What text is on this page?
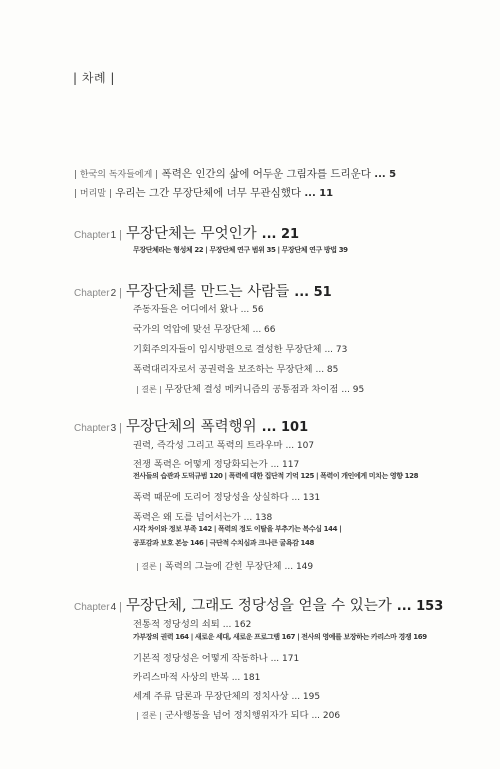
| 차례 |
| 한국의 독자들에게 | 폭력은 인간의 삶에 어두운 그림자를 드리운다 ... 5
| 머리말 | 우리는 그간 무장단체에 너무 무관심했다 ... 11
Chapter 1 | 무장단체는 무엇인가 ... 21
무장단체라는 형성체 22 | 무장단체 연구 범위 35 | 무장단체 연구 방법 39
Chapter 2 | 무장단체를 만드는 사람들 ... 51
주동자들은 어디에서 왔나 ... 56
국가의 억압에 맞선 무장단체 ... 66
기회주의자들이 임시방편으로 결성한 무장단체 ... 73
폭력대리자로서 공권력을 보조하는 무장단체 ... 85
| 결론 | 무장단체 결성 메커니즘의 공통점과 차이점 ... 95
Chapter 3 | 무장단체의 폭력행위 ... 101
권력, 즉각성 그리고 폭력의 트라우마 ... 107
전쟁 폭력은 어떻게 정당화되는가 ... 117
전사들의 습관과 도덕규범 120 | 폭력에 대한 집단적 기억 125 | 폭력이 개인에게 미치는 영향 128
폭력 때문에 도리어 정당성을 상실하다 ... 131
폭력은 왜 도를 넘어서는가 ... 138
시각 차이와 정보 부족 142 | 폭력의 정도 이탈을 부추기는 복수심 144 |
공포감과 보호 본능 146 | 극단적 수치심과 크나큰 굴욕감 148
| 결론 | 폭력의 그늘에 갇힌 무장단체 ... 149
Chapter 4 | 무장단체, 그래도 정당성을 얻을 수 있는가 ... 153
전통적 정당성의 쇠퇴 ... 162
가부장의 권력 164 | 새로운 세대, 새로운 프로그램 167 | 전사의 영예를 보장하는 카리스마 경쟁 169
기본적 정당성은 어떻게 작동하나 ... 171
카리스마적 사상의 반복 ... 181
세계 주류 담론과 무장단체의 정치사상 ... 195
| 결론 | 군사행동을 넘어 정치행위자가 되다 ... 206
